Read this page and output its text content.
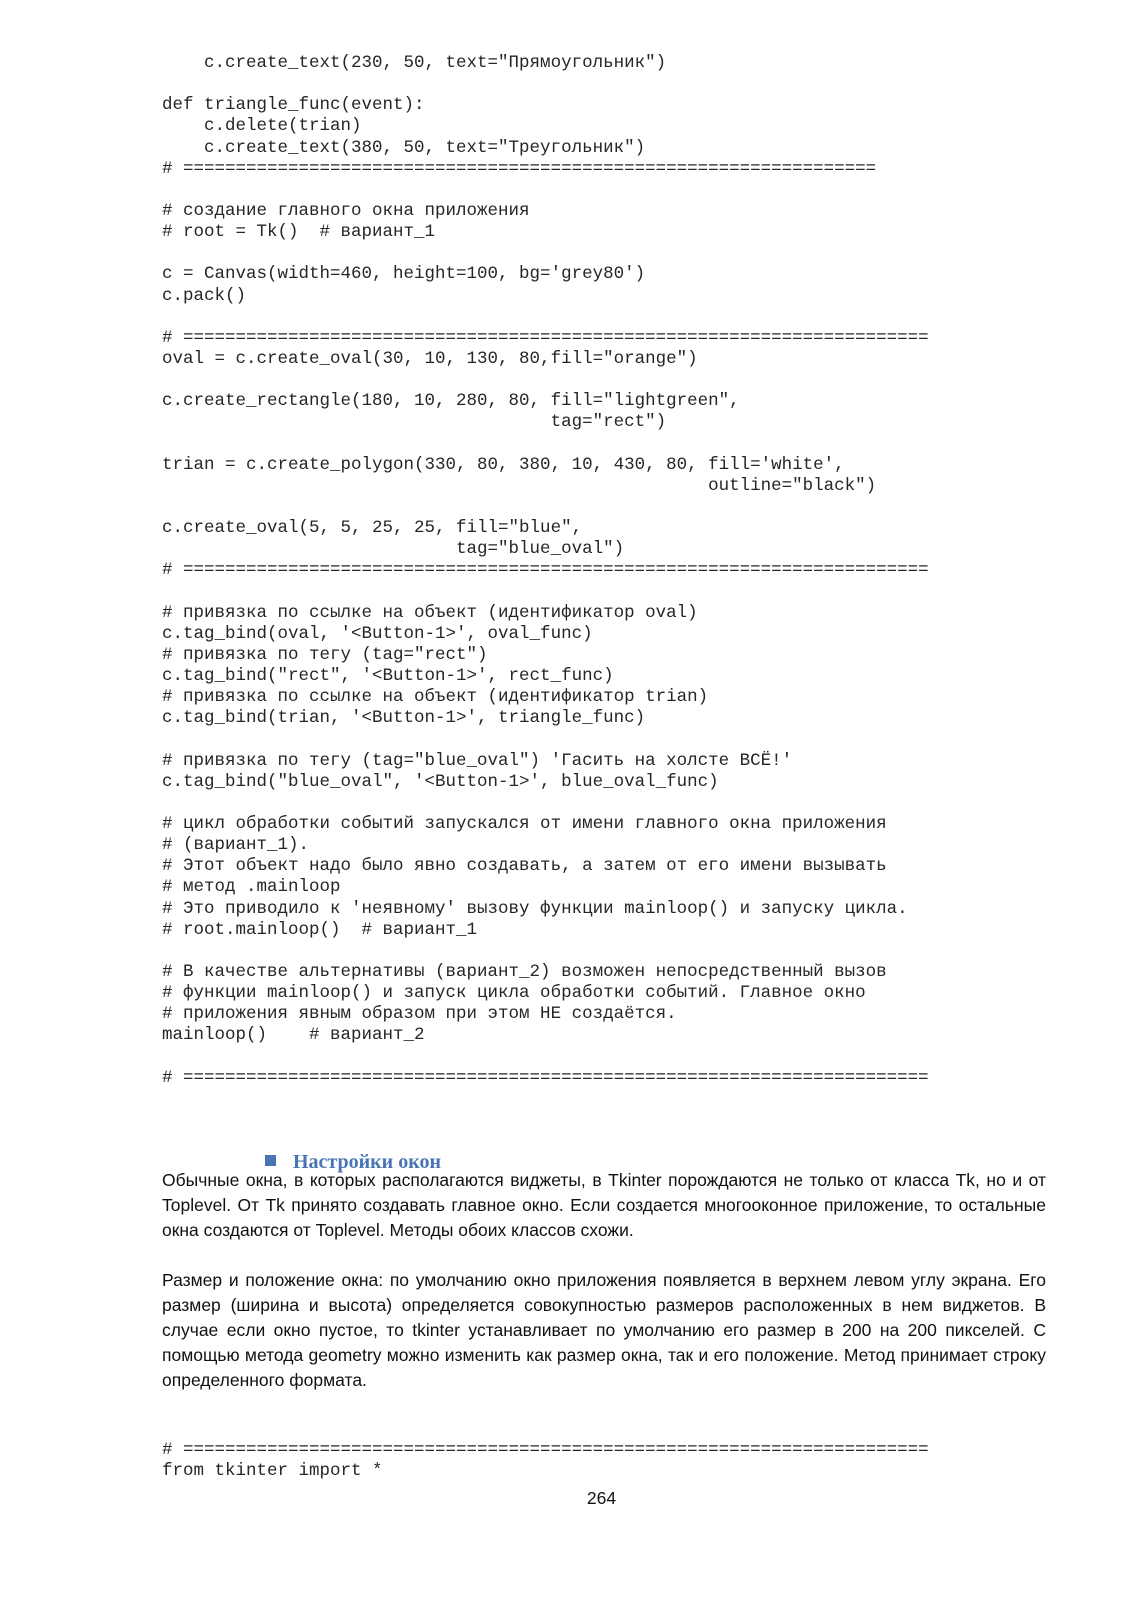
c.create_text(230, 50, text="Прямоугольник")

def triangle_func(event):
c.delete(trian)
c.create_text(380, 50, text="Треугольник")
# ==================================================================

# создание главного окна приложения
# root = Tk()  # вариант_1

c = Canvas(width=460, height=100, bg='grey80')
c.pack()

# =======================================================================
oval = c.create_oval(30, 10, 130, 80,fill="orange")

c.create_rectangle(180, 10, 280, 80, fill="lightgreen",
tag="rect")

trian = c.create_polygon(330, 80, 380, 10, 430, 80, fill='white',
outline="black")

c.create_oval(5, 5, 25, 25, fill="blue",
tag="blue_oval")
# =======================================================================

# привязка по ссылке на объект (идентификатор oval)
c.tag_bind(oval, '<Button-1>', oval_func)
# привязка по тегу (tag="rect")
c.tag_bind("rect", '<Button-1>', rect_func)
# привязка по ссылке на объект (идентификатор trian)
c.tag_bind(trian, '<Button-1>', triangle_func)

# привязка по тегу (tag="blue_oval") 'Гасить на холсте ВСЁ!'
c.tag_bind("blue_oval", '<Button-1>', blue_oval_func)

# цикл обработки событий запускался от имени главного окна приложения
# (вариант_1).
# Этот объект надо было явно создавать, а затем от его имени вызывать
# метод .mainloop
# Это приводило к 'неявному' вызову функции mainloop() и запуску цикла.
# root.mainloop()  # вариант_1

# В качестве альтернативы (вариант_2) возможен непосредственный вызов
# функции mainloop() и запуск цикла обработки событий. Главное окно
# приложения явным образом при этом НЕ создаётся.
mainloop()    # вариант_2

# =======================================================================
Настройки окон

Обычные окна, в которых располагаются виджеты, в Tkinter порождаются не только от класса Tk, но и от Toplevel. От Tk принято создавать главное окно. Если создается многооконное приложение, то остальные окна создаются от Toplevel. Методы обоих классов схожи.

Размер и положение окна: по умолчанию окно приложения появляется в верхнем левом углу экрана. Его размер (ширина и высота) определяется совокупностью размеров расположенных в нем виджетов. В случае если окно пустое, то tkinter устанавливает по умолчанию его размер в 200 на 200 пикселей. С помощью метода geometry можно изменить как размер окна, так и его положение. Метод принимает строку определенного формата.

# =======================================================================
from tkinter import *
264
